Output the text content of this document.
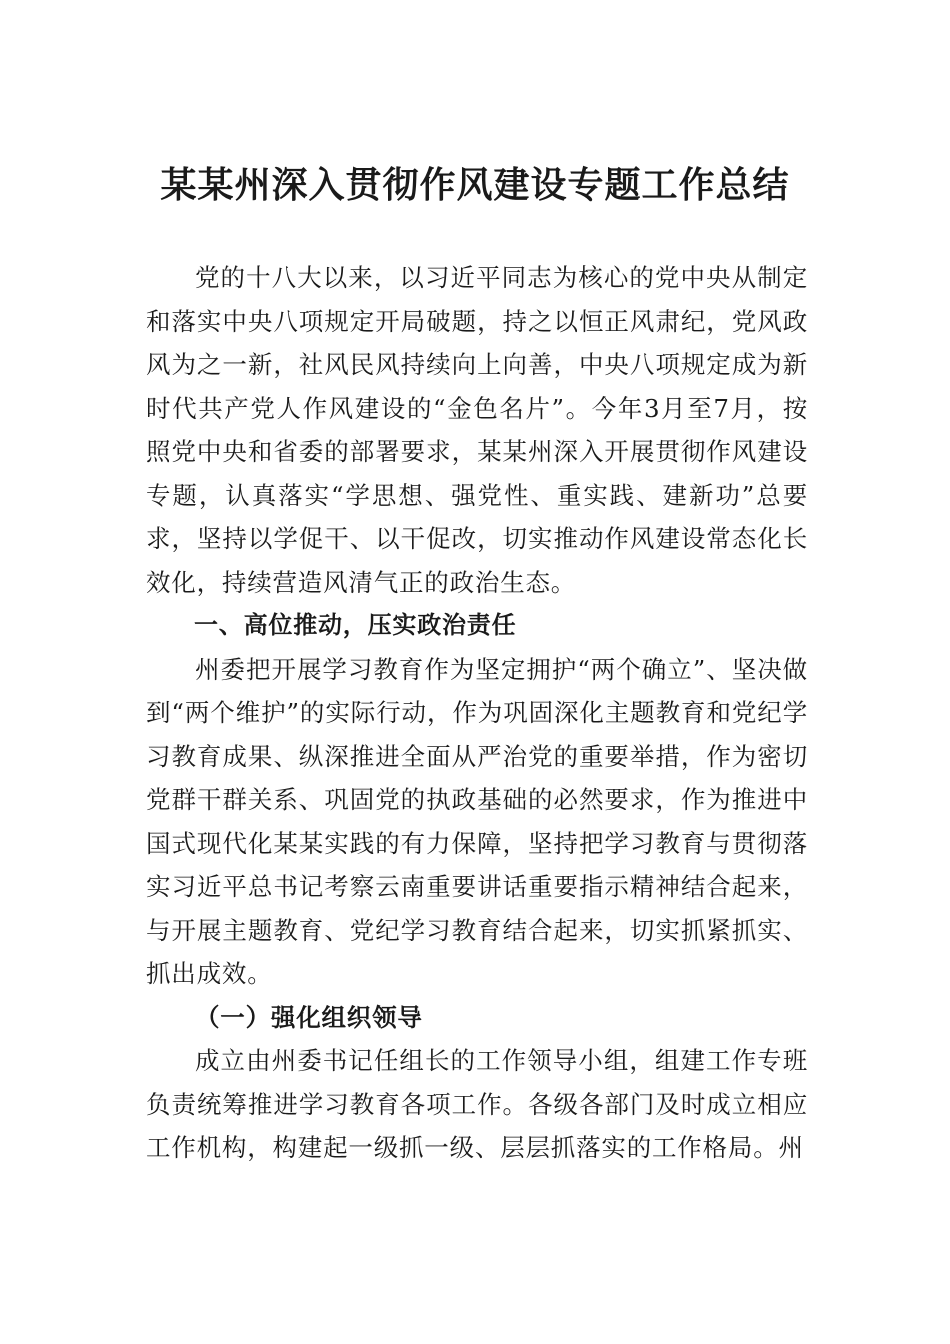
某某州深入贯彻作风建设专题工作总结

党的十八大以来，以习近平同志为核心的党中央从制定和落实中央八项规定开局破题，持之以恒正风肃纪，党风政风为之一新，社风民风持续向上向善，中央八项规定成为新时代共产党人作风建设的“金色名片”。今年3月至7月，按照党中央和省委的部署要求，某某州深入开展贯彻作风建设专题，认真落实“学思想、强党性、重实践、建新功”总要求，坚持以学促干、以干促改，切实推动作风建设常态化长效化，持续营造风清气正的政治生态。

一、高位推动，压实政治责任

州委把开展学习教育作为坚定拥护“两个确立”、坚决做到“两个维护”的实际行动，作为巩固深化主题教育和党纪学习教育成果、纵深推进全面从严治党的重要举措，作为密切党群干群关系、巩固党的执政基础的必然要求，作为推进中国式现代化某某实践的有力保障，坚持把学习教育与贯彻落实习近平总书记考察云南重要讲话重要指示精神结合起来，与开展主题教育、党纪学习教育结合起来，切实抓紧抓实、抓出成效。

（一）强化组织领导

成立由州委书记任组长的工作领导小组，组建工作专班负责统筹推进学习教育各项工作。各级各部门及时成立相应工作机构，构建起一级抓一级、层层抓落实的工作格局。州
